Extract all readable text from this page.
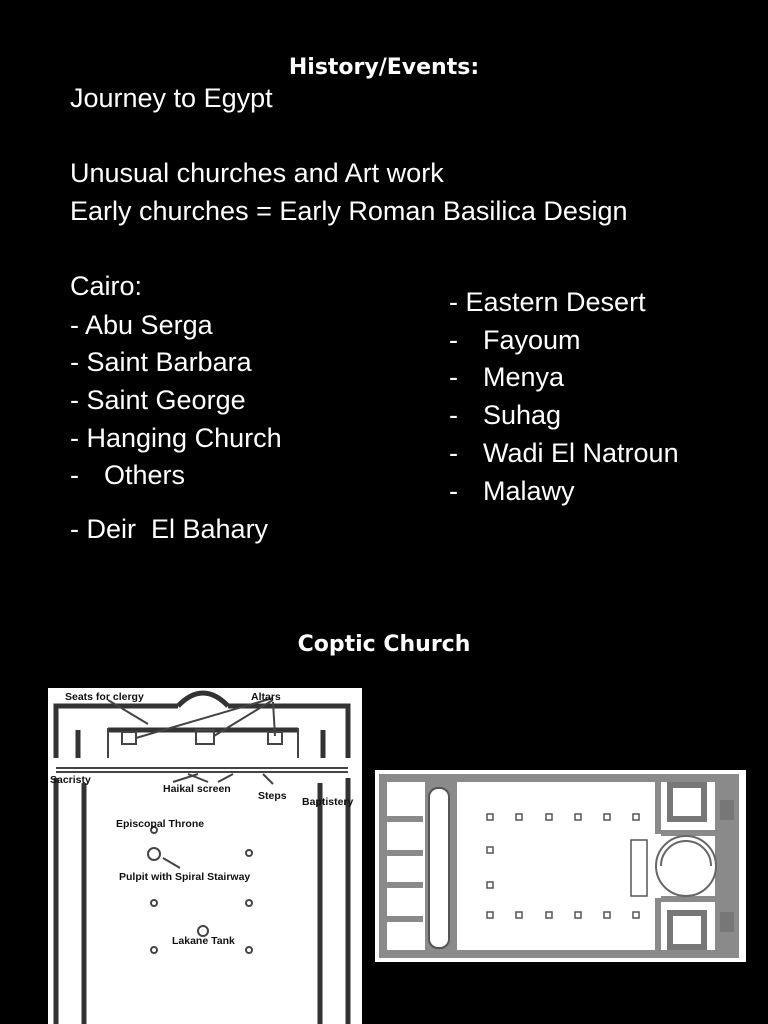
History/Events:
Journey to Egypt
Unusual churches and Art work
Early churches = Early Roman Basilica Design
Cairo:
- Abu Serga
- Saint Barbara
- Saint George
- Hanging Church
- Others
- Deir  El Bahary
- Eastern Desert
- Fayoum
- Menya
- Suhag
- Wadi El Natroun
- Malawy
Coptic Church
Seats for clergy	Altars
Sacristy
Haikal screen
Steps Baptistery
Episcopal Throne
Pulpit with Spiral Stairway
Lakane Tank
